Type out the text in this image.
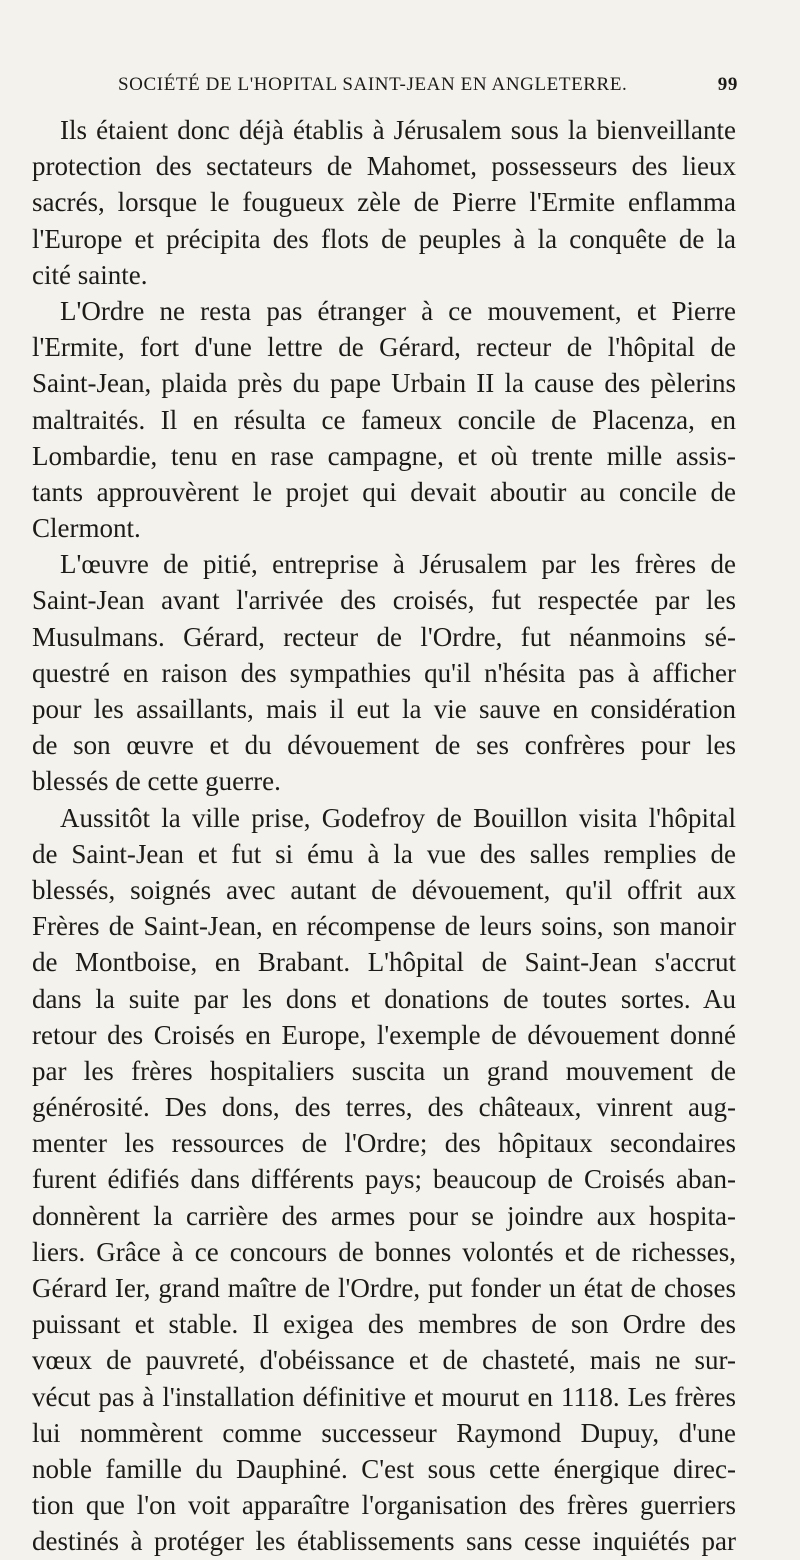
SOCIÉTÉ DE L'HOPITAL SAINT-JEAN EN ANGLETERRE.	99
Ils étaient donc déjà établis à Jérusalem sous la bienveillante
protection des sectateurs de Mahomet, possesseurs des lieux
sacrés, lorsque le fougueux zèle de Pierre l'Ermite enflamma
l'Europe et précipita des flots de peuples à la conquête de la
cité sainte.
L'Ordre ne resta pas étranger à ce mouvement, et Pierre
l'Ermite, fort d'une lettre de Gérard, recteur de l'hôpital de
Saint-Jean, plaida près du pape Urbain II la cause des pèlerins
maltraités. Il en résulta ce fameux concile de Placenza, en
Lombardie, tenu en rase campagne, et où trente mille assis-
tants approuvèrent le projet qui devait aboutir au concile de
Clermont.
L'œuvre de pitié, entreprise à Jérusalem par les frères de
Saint-Jean avant l'arrivée des croisés, fut respectée par les
Musulmans. Gérard, recteur de l'Ordre, fut néanmoins sé-
questré en raison des sympathies qu'il n'hésita pas à afficher
pour les assaillants, mais il eut la vie sauve en considération
de son œuvre et du dévouement de ses confrères pour les
blessés de cette guerre.
Aussitôt la ville prise, Godefroy de Bouillon visita l'hôpital
de Saint-Jean et fut si ému à la vue des salles remplies de
blessés, soignés avec autant de dévouement, qu'il offrit aux
Frères de Saint-Jean, en récompense de leurs soins, son manoir
de Montboise, en Brabant. L'hôpital de Saint-Jean s'accrut
dans la suite par les dons et donations de toutes sortes. Au
retour des Croisés en Europe, l'exemple de dévouement donné
par les frères hospitaliers suscita un grand mouvement de
générosité. Des dons, des terres, des châteaux, vinrent aug-
menter les ressources de l'Ordre; des hôpitaux secondaires
furent édifiés dans différents pays; beaucoup de Croisés aban-
donnèrent la carrière des armes pour se joindre aux hospita-
liers. Grâce à ce concours de bonnes volontés et de richesses,
Gérard Ier, grand maître de l'Ordre, put fonder un état de choses
puissant et stable. Il exigea des membres de son Ordre des
vœux de pauvreté, d'obéissance et de chasteté, mais ne sur-
vécut pas à l'installation définitive et mourut en 1118. Les frères
lui nommèrent comme successeur Raymond Dupuy, d'une
noble famille du Dauphiné. C'est sous cette énergique direc-
tion que l'on voit apparaître l'organisation des frères guerriers
destinés à protéger les établissements sans cesse inquiétés par
